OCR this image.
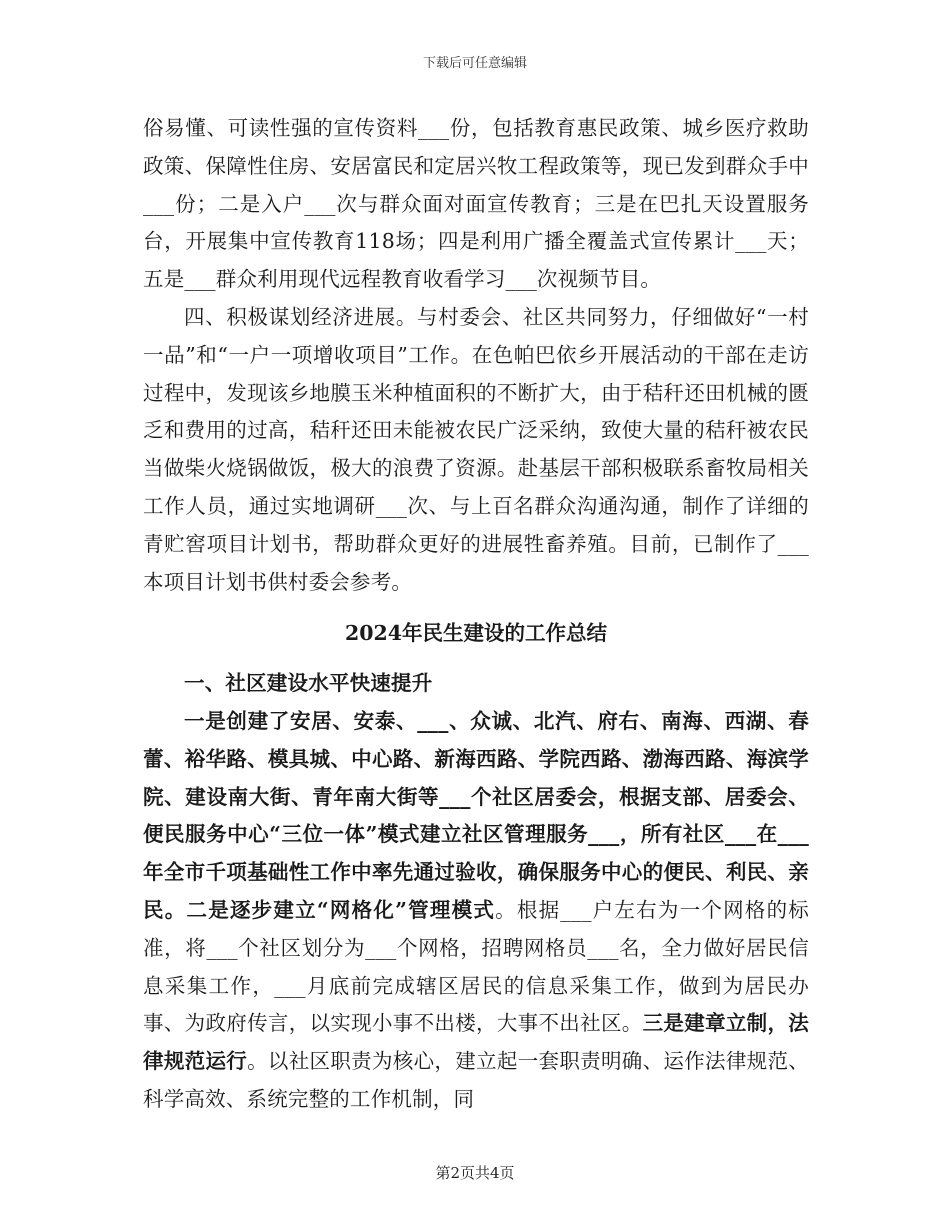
下载后可任意编辑

俗易懂、可读性强的宣传资料___份，包括教育惠民政策、城乡医疗救助政策、保障性住房、安居富民和定居兴牧工程政策等，现已发到群众手中___份；二是入户___次与群众面对面宣传教育；三是在巴扎天设置服务台，开展集中宣传教育118场；四是利用广播全覆盖式宣传累计___天；五是___群众利用现代远程教育收看学习___次视频节目。

四、积极谋划经济进展。与村委会、社区共同努力，仔细做好“一村一品”和“一户一项增收项目”工作。在色帕巴依乡开展活动的干部在走访过程中，发现该乡地膜玉米种植面积的不断扩大，由于秸秆还田机械的匮乏和费用的过高，秸秆还田未能被农民广泛采纳，致使大量的秸秆被农民当做柴火烧锅做饭，极大的浪费了资源。赴基层干部积极联系畜牧局相关工作人员，通过实地调研___次、与上百名群众沟通沟通，制作了详细的青贮窖项目计划书，帮助群众更好的进展牲畜养殖。目前，已制作了___本项目计划书供村委会参考。

2024年民生建设的工作总结

一、社区建设水平快速提升

一是创建了安居、安泰、___、众诚、北汽、府右、南海、西湖、春蕾、裕华路、模具城、中心路、新海西路、学院西路、渤海西路、海滨学院、建设南大街、青年南大街等___个社区居委会，根据支部、居委会、便民服务中心“三位一体”模式建立社区管理服务___，所有社区___在___年全市千项基础性工作中率先通过验收，确保服务中心的便民、利民、亲民。二是逐步建立“网格化”管理模式。根据___户左右为一个网格的标准，将___个社区划分为___个网格，招聘网格员___名，全力做好居民信息采集工作，___月底前完成辖区居民的信息采集工作，做到为居民办事、为政府传言，以实现小事不出楼，大事不出社区。三是建章立制，法律规范运行。以社区职责为核心，建立起一套职责明确、运作法律规范、科学高效、系统完整的工作机制，同

第2页共4页
